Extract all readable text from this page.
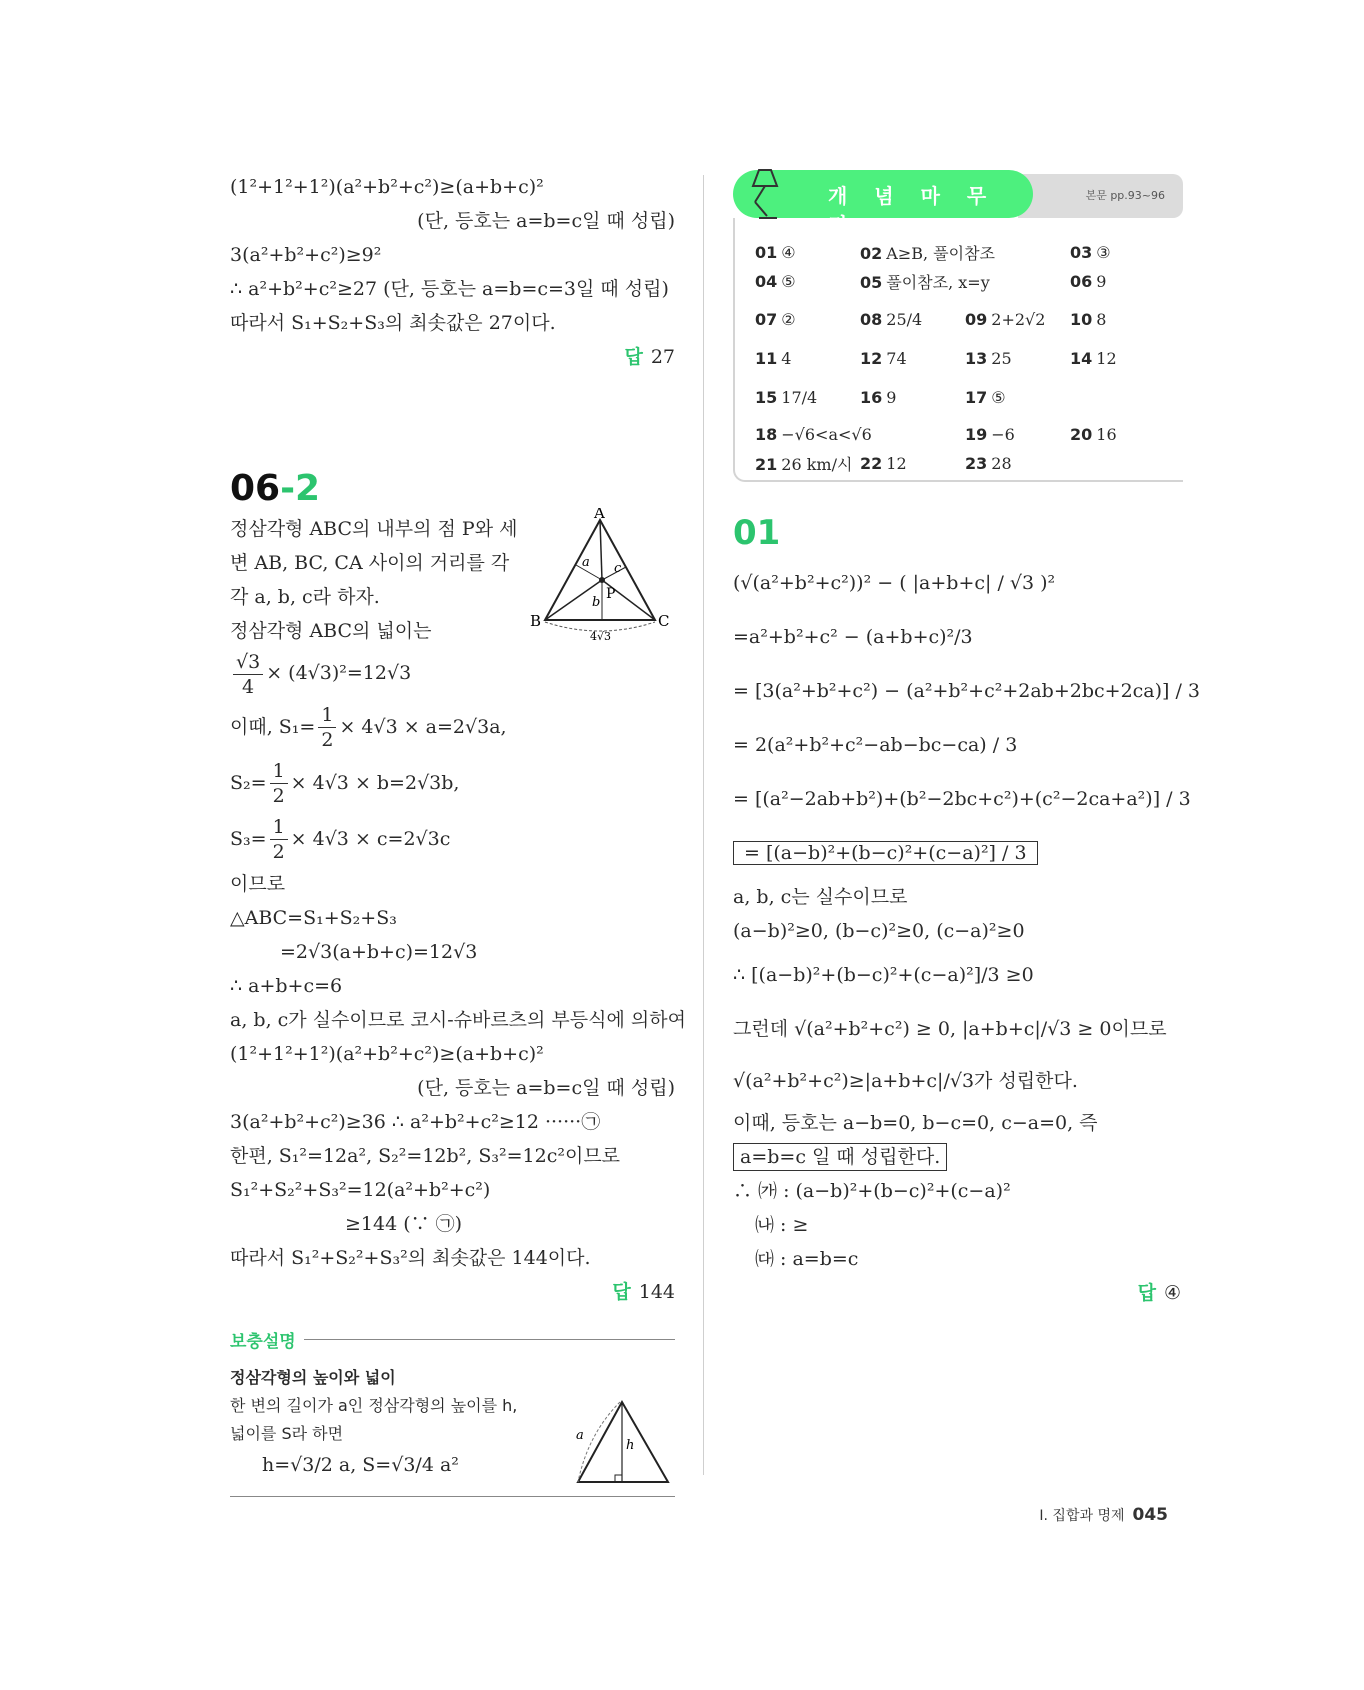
(1²+1²+1²)(a²+b²+c²)≥(a+b+c)²
(단, 등호는 a=b=c일 때 성립)
3(a²+b²+c²)≥9²
∴ a²+b²+c²≥27 (단, 등호는 a=b=c=3일 때 성립)
따라서 S₁+S₂+S₃의 최솟값은 27이다.
답 27
06-2
정삼각형 ABC의 내부의 점 P와 세
변 AB, BC, CA 사이의 거리를 각
각 a, b, c라 하자.
정삼각형 ABC의 넓이는
A
B	C
P
a
b
c
4√3
$\frac{√3}{4} \times (4√3)^2=12√3$
이때, $S_1= \frac{1}{2} \times 4√3 \times a=2√3a$,
$S_2= \frac{1}{2} \times 4√3 \times b=2√3b$,
$S_3= \frac{1}{2} \times 4√3 \times c=2√3c$
이므로
△ABC=S₁+S₂+S₃
=2√3(a+b+c)=12√3
∴ a+b+c=6
a, b, c가 실수이므로 코시-슈바르츠의 부등식에 의하여
(1²+1²+1²)(a²+b²+c²)≥(a+b+c)²
(단, 등호는 a=b=c일 때 성립)
3(a²+b²+c²)≥36 ∴ a²+b²+c²≥12 ······㉠
한편, S₁²=12a², S₂²=12b², S₃²=12c²이므로
S₁²+S₂²+S₃²=12(a²+b²+c²)
≥144 (∵ ㉠)
따라서 S₁²+S₂²+S₃²의 최솟값은 144이다.
답 144
보충설명
정삼각형의 높이와 넓이
한 변의 길이가 a인 정삼각형의 높이를 h,
넓이를 S라 하면
h=√3/2 a, S=√3/4 a²
a
h
본문 pp.93~96
개 념 마 무 리
01 ④	02 A≥B, 풀이참조	03 ③
04 ⑤	05 풀이참조, x=y	06 9
07 ②	08 25/4	09 2+2√2	10 8
11 4	12 74	13 25	14 12
15 17/4	16 9	17 ⑤
18 −√6<a<√6	19 −6	20 16
21 26 km/시 22 12	23 28
01
(√(a²+b²+c²))² − ( |a+b+c| / √3 )²
=a²+b²+c² − (a+b+c)²/3
= [3(a²+b²+c²) − (a²+b²+c²+2ab+2bc+2ca)] / 3
= 2(a²+b²+c²−ab−bc−ca) / 3
= [(a²−2ab+b²)+(b²−2bc+c²)+(c²−2ca+a²)] / 3
= [(a−b)²+(b−c)²+(c−a)²] / 3
a, b, c는 실수이므로
(a−b)²≥0, (b−c)²≥0, (c−a)²≥0
∴ [(a−b)²+(b−c)²+(c−a)²]/3 ≥0
그런데 √(a²+b²+c²) ≥ 0, |a+b+c|/√3 ≥ 0이므로
√(a²+b²+c²)≥|a+b+c|/√3가 성립한다.
이때, 등호는 a−b=0, b−c=0, c−a=0, 즉
a=b=c 일 때 성립한다.
∴ ㈎ : (a−b)²+(b−c)²+(c−a)²
㈏ : ≥
㈐ : a=b=c
답 ④
Ⅰ. 집합과 명제 045
